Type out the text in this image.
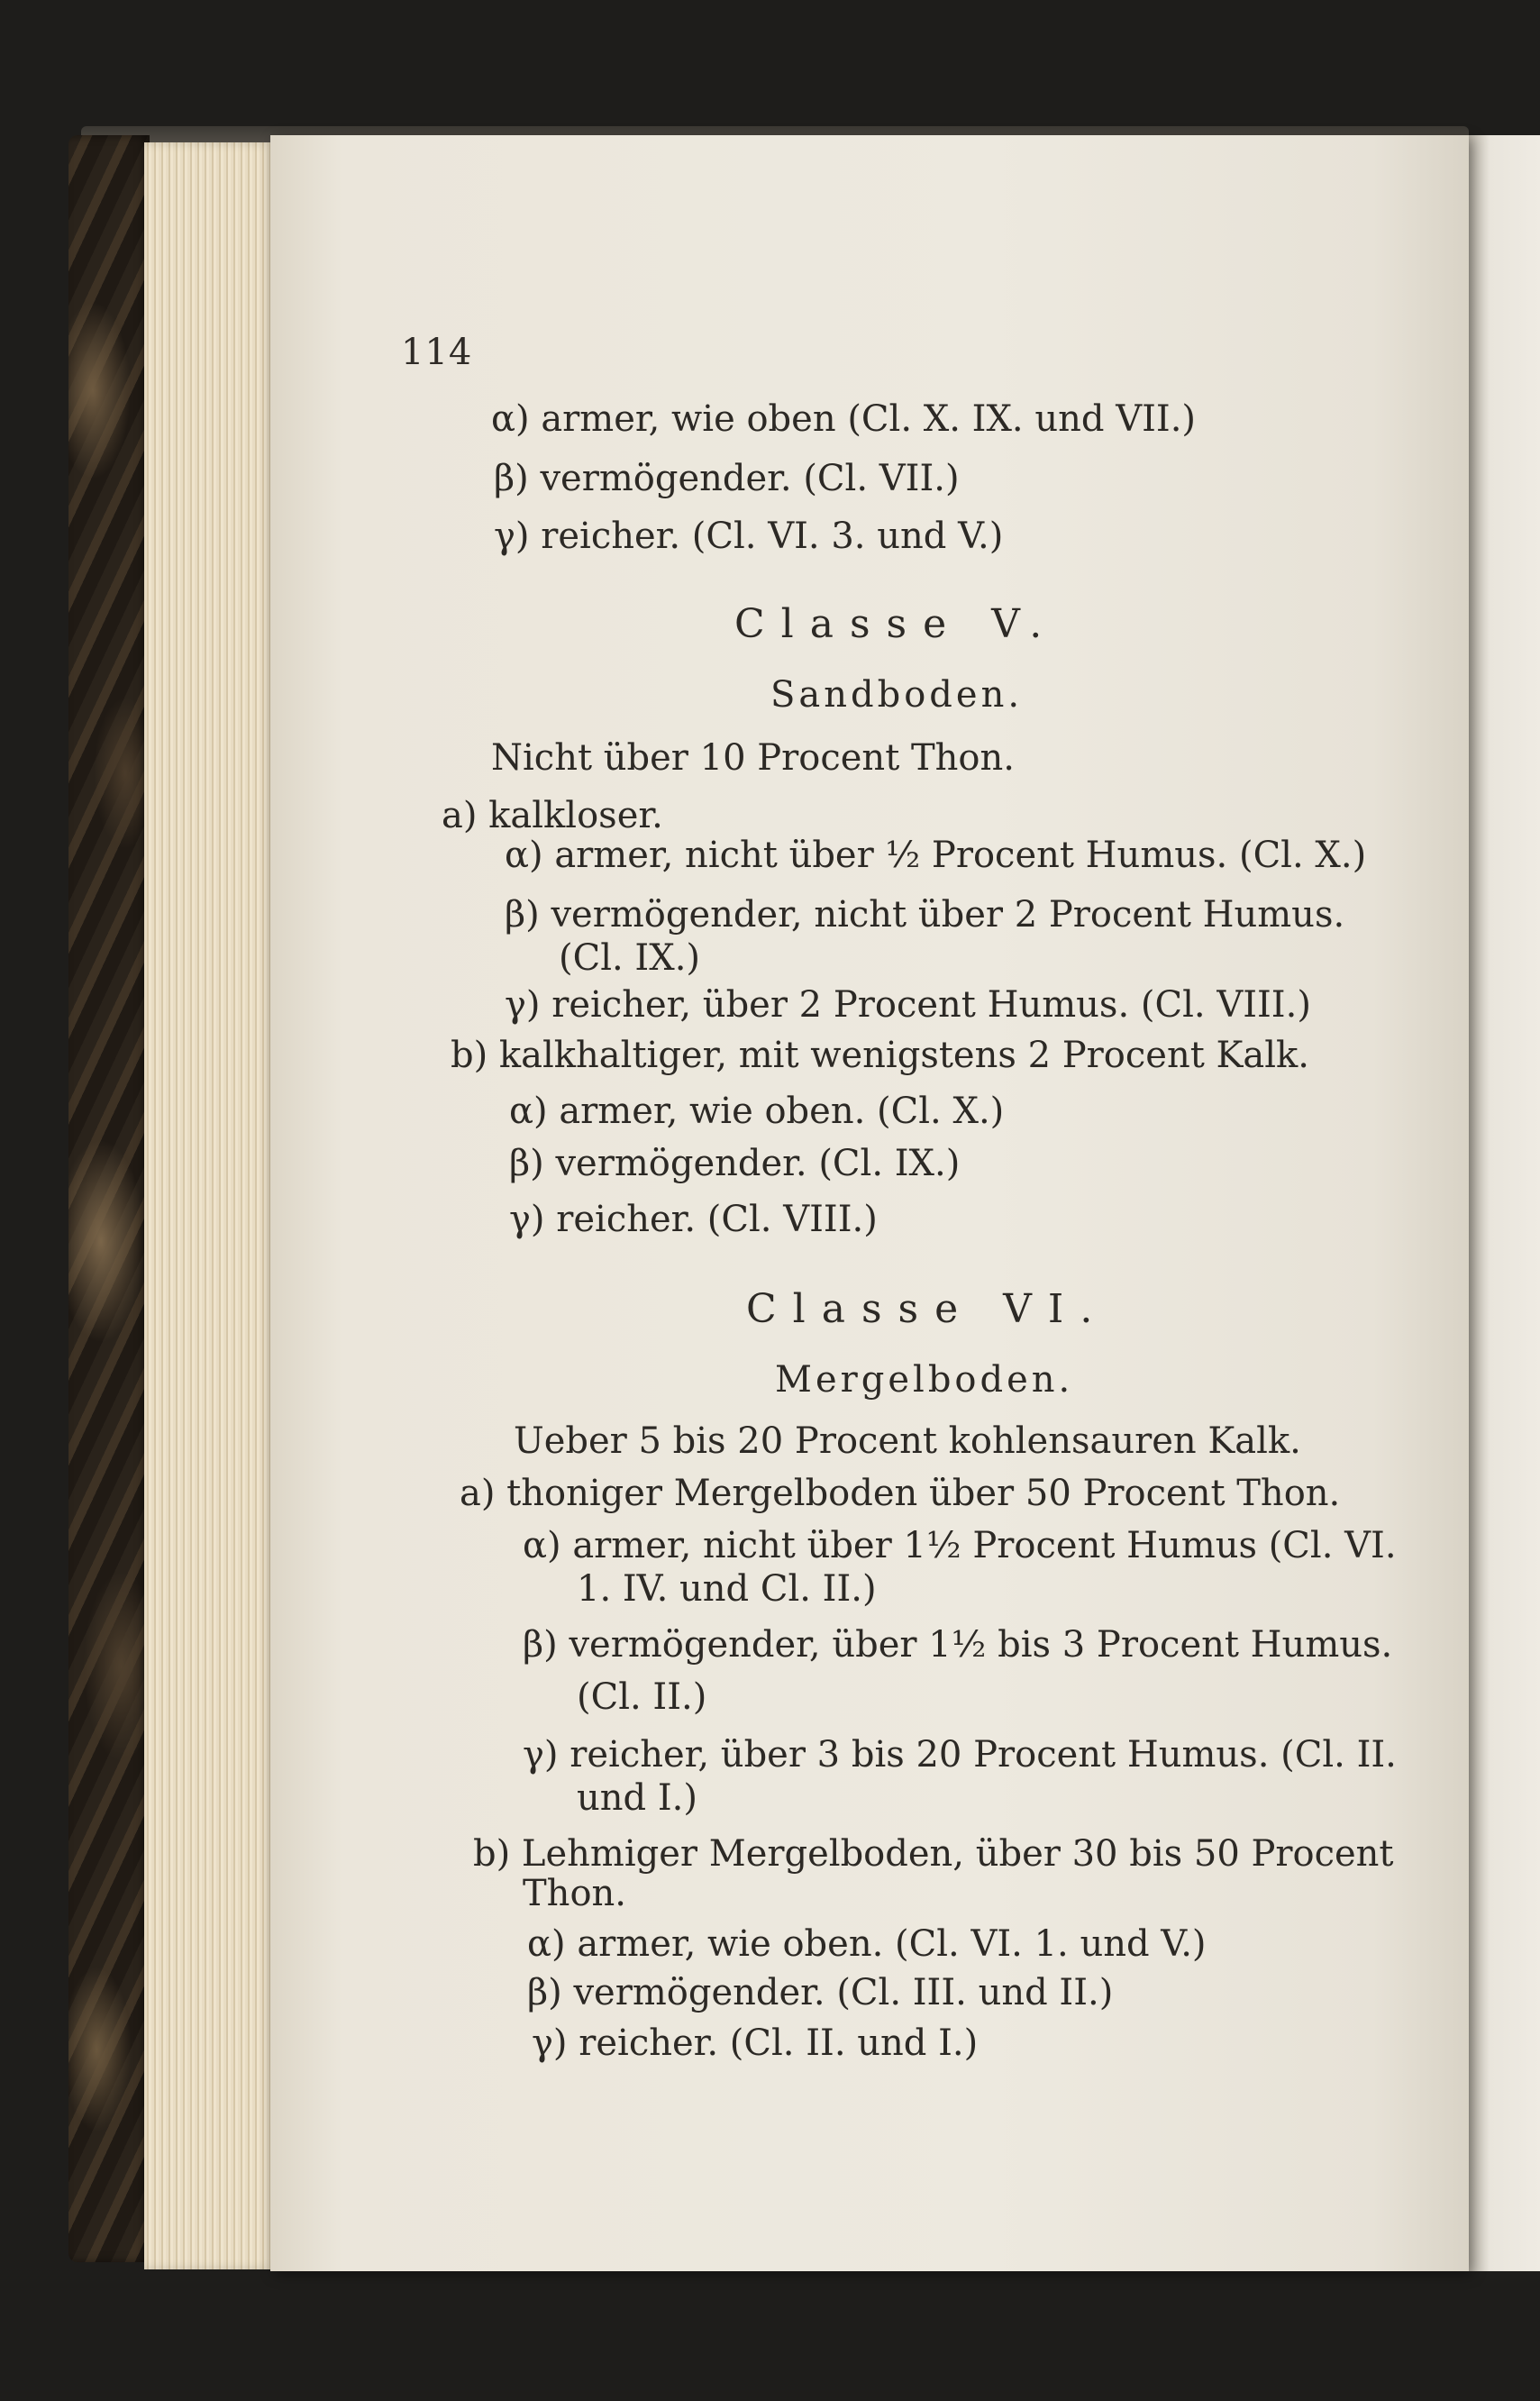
114
α) armer, wie oben (Cl. X. IX. und VII.)
β) vermögender. (Cl. VII.)
γ) reicher. (Cl. VI. 3. und V.)
Classe V.
Sandboden.
Nicht über 10 Procent Thon.
a) kalkloser.
α) armer, nicht über ½ Procent Humus. (Cl. X.)
β) vermögender, nicht über 2 Procent Humus.
(Cl. IX.)
γ) reicher, über 2 Procent Humus. (Cl. VIII.)
b) kalkhaltiger, mit wenigstens 2 Procent Kalk.
α) armer, wie oben. (Cl. X.)
β) vermögender. (Cl. IX.)
γ) reicher. (Cl. VIII.)
Classe VI.
Mergelboden.
Ueber 5 bis 20 Procent kohlensauren Kalk.
a) thoniger Mergelboden über 50 Procent Thon.
α) armer, nicht über 1½ Procent Humus (Cl. VI.
1. IV. und Cl. II.)
β) vermögender, über 1½ bis 3 Procent Humus.
(Cl. II.)
γ) reicher, über 3 bis 20 Procent Humus. (Cl. II.
und I.)
b) Lehmiger Mergelboden, über 30 bis 50 Procent
Thon.
α) armer, wie oben. (Cl. VI. 1. und V.)
β) vermögender. (Cl. III. und II.)
γ) reicher. (Cl. II. und I.)
